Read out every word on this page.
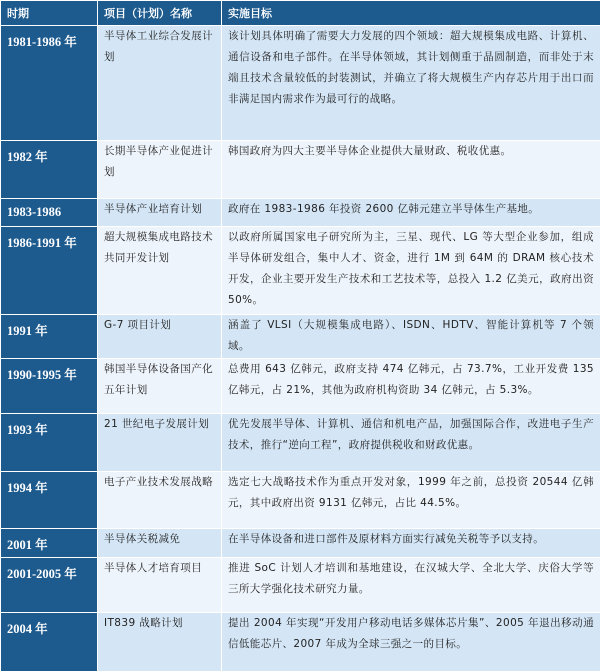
时期	项目（计划）名称	实施目标
1981-1986 年	半导体工业综合发展计划	该计划具体明确了需要大力发展的四个领域：超大规模集成电路、计算机、通信设备和电子部件。在半导体领域，其计划侧重于晶圆制造，而非处于末端且技术含量较低的封装测试，并确立了将大规模生产内存芯片用于出口而非满足国内需求作为最可行的战略。
1982 年	长期半导体产业促进计划	韩国政府为四大主要半导体企业提供大量财政、税收优惠。
1983-1986	半导体产业培育计划	政府在 1983-1986 年投资 2600 亿韩元建立半导体生产基地。
1986-1991 年	超大规模集成电路技术共同开发计划	以政府所属国家电子研究所为主，三星、现代、LG 等大型企业参加，组成半导体研发组合，集中人才、资金，进行 1M 到 64M 的 DRAM 核心技术开发，企业主要开发生产技术和工艺技术等，总投入 1.2 亿美元，政府出资 50%。
1991 年	G-7 项目计划	涵盖了 VLSI（大规模集成电路）、ISDN、HDTV、智能计算机等 7 个领域。
1990-1995 年	韩国半导体设备国产化五年计划	总费用 643 亿韩元，政府支持 474 亿韩元，占 73.7%，工业开发费 135 亿韩元，占 21%，其他为政府机构资助 34 亿韩元，占 5.3%。
1993 年	21 世纪电子发展计划	优先发展半导体、计算机、通信和机电产品，加强国际合作，改进电子生产技术，推行“逆向工程”，政府提供税收和财政优惠。
1994 年	电子产业技术发展战略	选定七大战略技术作为重点开发对象，1999 年之前，总投资 20544 亿韩元，其中政府出资 9131 亿韩元，占比 44.5%。
2001 年	半导体关税减免	在半导体设备和进口部件及原材料方面实行减免关税等予以支持。
2001-2005 年	半导体人才培育项目	推进 SoC 计划人才培训和基地建设，在汉城大学、全北大学、庆俗大学等三所大学强化技术研究力量。
2004 年	IT839 战略计划	提出 2004 年实现“开发用户移动电话多媒体芯片集”、2005 年退出移动通信低能芯片、2007 年成为全球三强之一的目标。
